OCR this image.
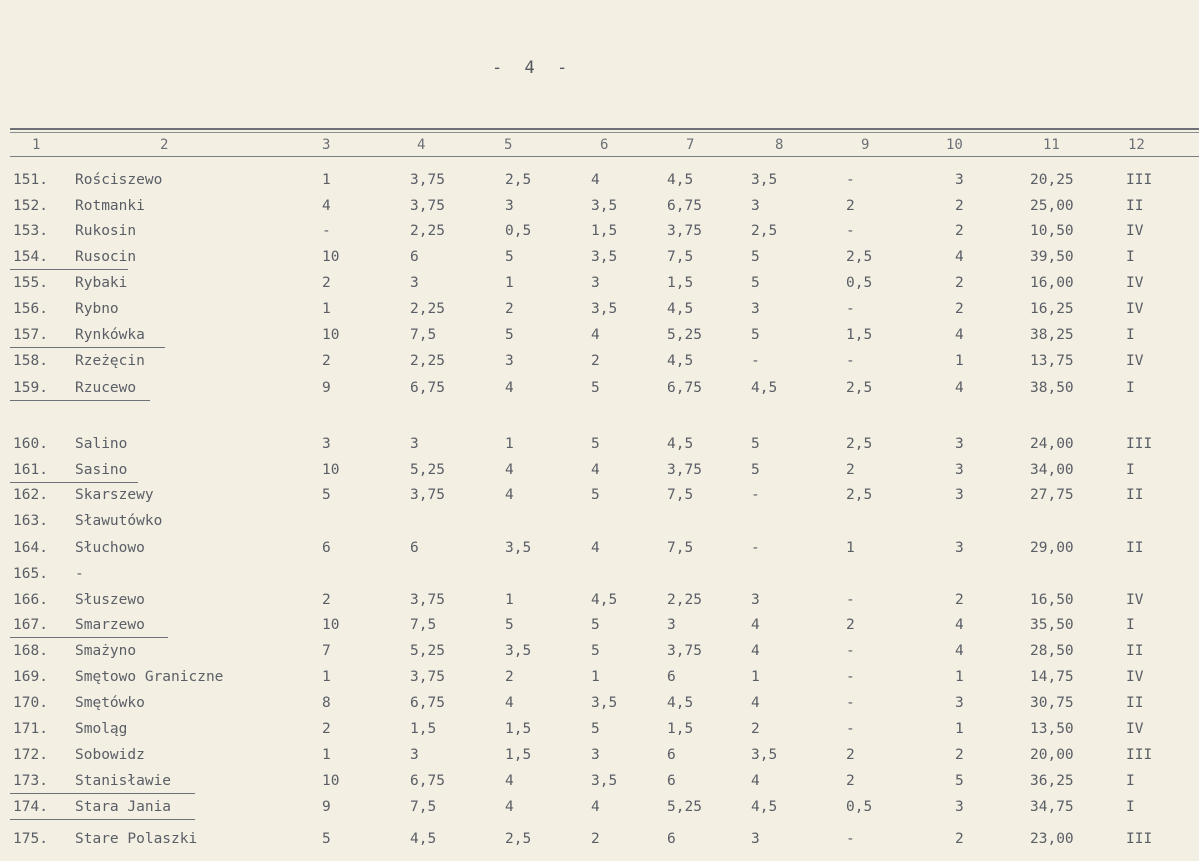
- 4 -
1	2	3	4	5	6	7	8	9	10	11	12
151. Rościszewo	1	3,75	2,5	4	4,5	3,5	-	3	20,25	III
152. Rotmanki	4	3,75	3	3,5	6,75	3	2	2	25,00	II
153. Rukosin	-	2,25	0,5	1,5	3,75	2,5	-	2	10,50	IV
154. Rusocin	10	6	5	3,5	7,5	5	2,5	4	39,50	I
155. Rybaki	2	3	1	3	1,5	5	0,5	2	16,00	IV
156. Rybno	1	2,25	2	3,5	4,5	3	-	2	16,25	IV
157. Rynkówka	10	7,5	5	4	5,25	5	1,5	4	38,25	I
158. Rzeżęcin	2	2,25	3	2	4,5	-	-	1	13,75	IV
159. Rzucewo	9	6,75	4	5	6,75	4,5	2,5	4	38,50	I
160. Salino	3	3	1	5	4,5	5	2,5	3	24,00	III
161. Sasino	10	5,25	4	4	3,75	5	2	3	34,00	I
162. Skarszewy	5	3,75	4	5	7,5	-	2,5	3	27,75	II
163. Sławutówko
164. Słuchowo	6	6	3,5	4	7,5	-	1	3	29,00	II
165. -
166. Słuszewo	2	3,75	1	4,5	2,25	3	-	2	16,50	IV
167. Smarzewo	10	7,5	5	5	3	4	2	4	35,50	I
168. Smażyno	7	5,25	3,5	5	3,75	4	-	4	28,50	II
169. Smętowo Graniczne	1	3,75	2	1	6	1	-	1	14,75	IV
170. Smętówko	8	6,75	4	3,5	4,5	4	-	3	30,75	II
171. Smoląg	2	1,5	1,5	5	1,5	2	-	1	13,50	IV
172. Sobowidz	1	3	1,5	3	6	3,5	2	2	20,00	III
173. Stanisławie	10	6,75	4	3,5	6	4	2	5	36,25	I
174. Stara Jania	9	7,5	4	4	5,25	4,5	0,5	3	34,75	I
175. Stare Polaszki	5	4,5	2,5	2	6	3	-	2	23,00	III
